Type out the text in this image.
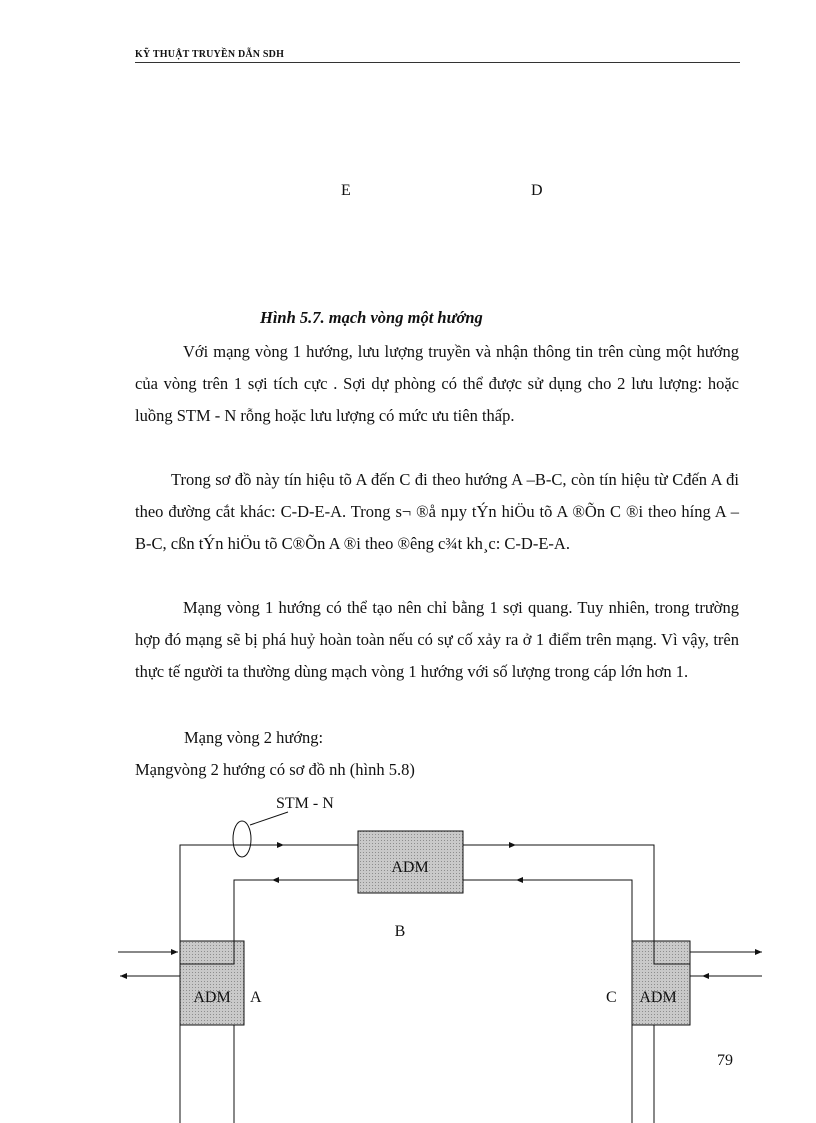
KỸ THUẬT TRUYỀN DẪN SDH
E	D
Hình 5.7. mạch vòng một hướng

Với mạng vòng 1 hướng, lưu lượng truyền và nhận thông tin trên cùng một hướng của vòng trên 1 sợi tích cực . Sợi dự phòng có thể được sử dụng cho 2 lưu lượng: hoặc luồng STM - N rỗng hoặc lưu lượng có mức ưu tiên thấp.

Trong sơ đồ này tín hiệu tõ A đến C đi theo hướng A –B-C, còn tín hiệu từ Cđến A đi theo đường cắt khác: C-D-E-A. Trong s¬ ®å nµy tÝn hiÖu tõ A ®Õn C ®i theo híng A –B-C, cßn tÝn hiÖu tõ C®Õn A ®i theo ®êng c¾t kh¸c: C-D-E-A.

Mạng vòng 1 hướng có thể tạo nên chỉ bằng 1 sợi quang. Tuy nhiên, trong trường hợp đó mạng sẽ bị phá huỷ hoàn toàn nếu có sự cố xảy ra ở 1 điểm trên mạng. Vì vậy, trên thực tế người ta thường dùng mạch vòng 1 hướng với số lượng trong cáp lớn hơn 1.

Mạng vòng 2 hướng:
Mạngvòng 2 hướng có sơ đồ nh (hình 5.8)
STM - N
ADM
B
ADM A	ADM
C
79
